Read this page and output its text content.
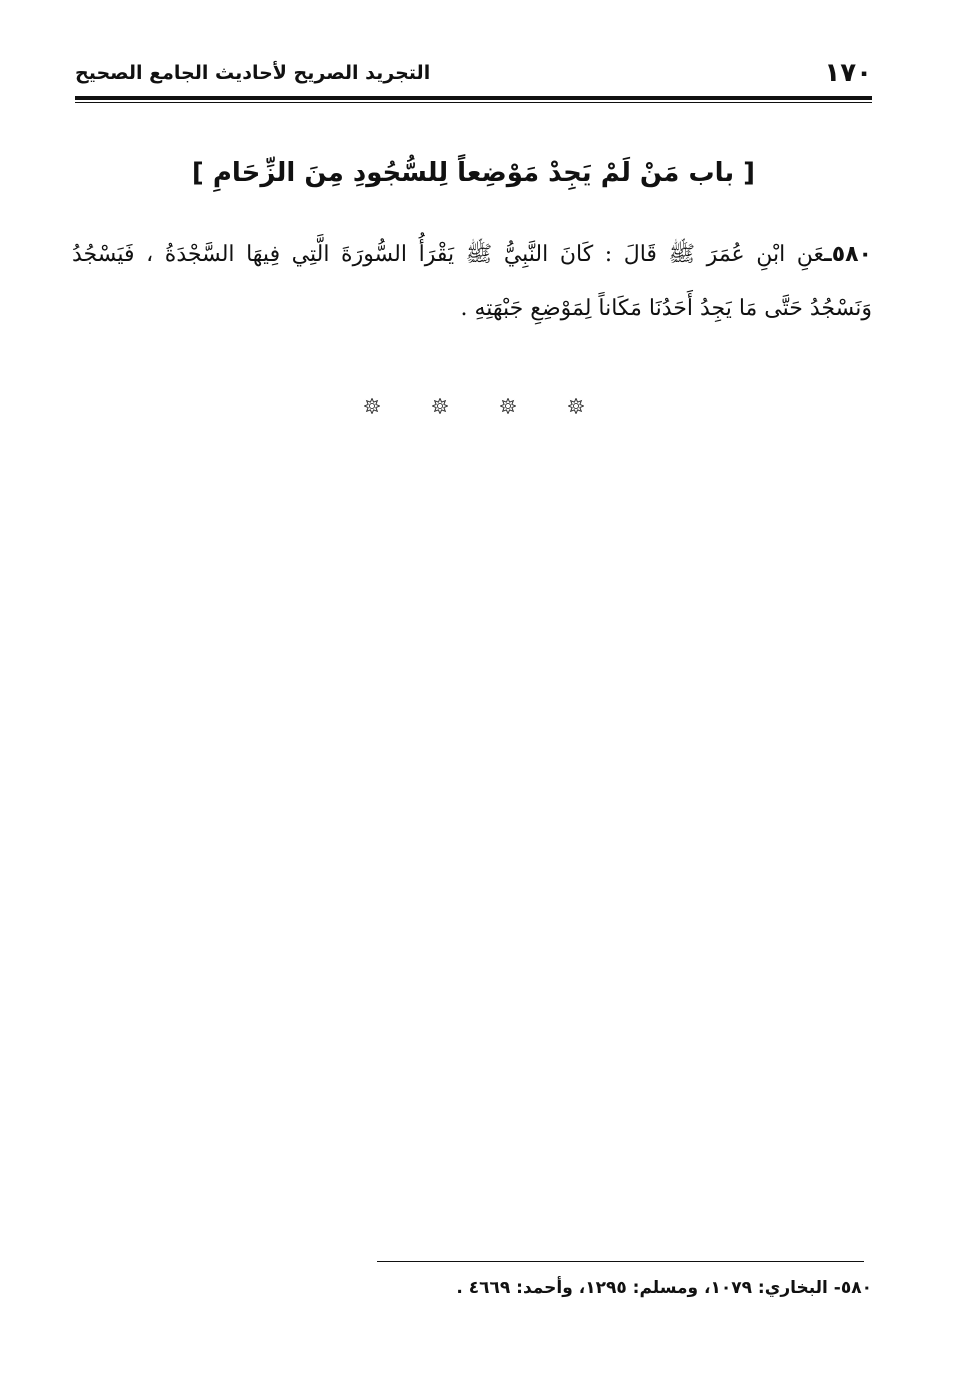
١٧٠
التجريد الصريح لأحاديث الجامع الصحيح
[ باب مَنْ لَمْ يَجِدْ مَوْضِعاً لِلسُّجُودِ مِنَ الزِّحَامِ ]
٥٨٠ـعَنِ ابْنِ عُمَرَ ﷺ قَالَ : كَانَ النَّبِيُّ ﷺ يَقْرَأُ السُّورَةَ الَّتِي فِيهَا السَّجْدَةُ ، فَيَسْجُدُ وَنَسْجُدُ حَتَّى مَا يَجِدُ أَحَدُنَا مَكَاناً لِمَوْضِعِ جَبْهَتِهِ .
٥٨٠- البخاري: ١٠٧٩، ومسلم: ١٢٩٥، وأحمد: ٤٦٦٩ .
